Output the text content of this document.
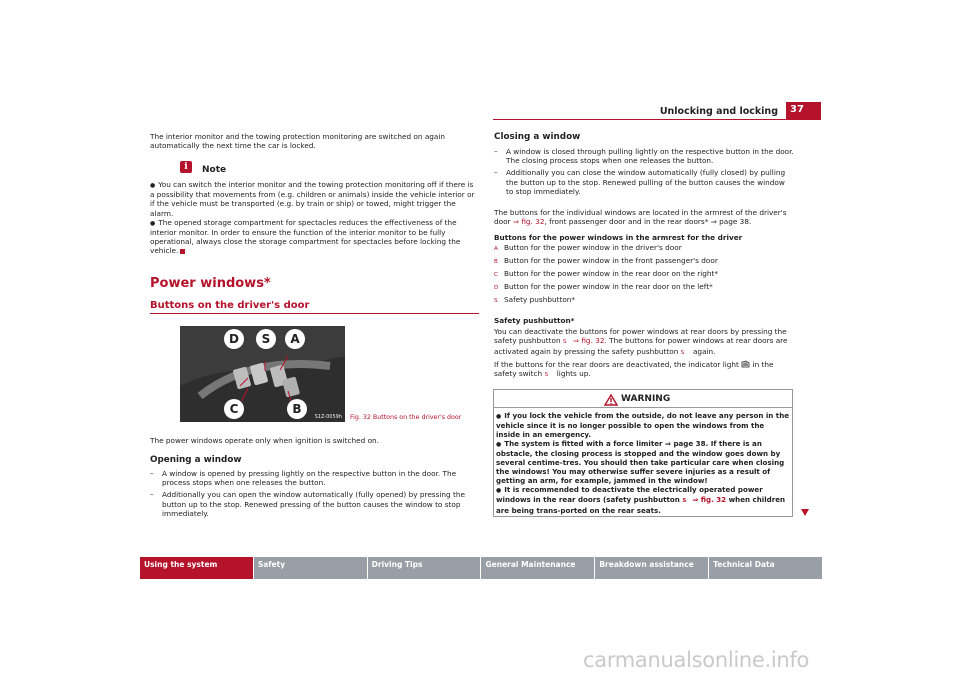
Unlocking and locking	37
The interior monitor and the towing protection monitoring are switched on again automatically the next time the car is locked.
i	Note
● You can switch the interior monitor and the towing protection monitoring off if there is a possibility that movements from (e.g. children or animals) inside the vehicle interior or if the vehicle must be transported (e.g. by train or ship) or towed, might trigger the alarm.
● The opened storage compartment for spectacles reduces the effectiveness of the interior monitor. In order to ensure the function of the interior monitor to be fully operational, always close the storage compartment for spectacles before locking the vehicle.
Power windows*
Buttons on the driver's door
D	S	A
C	B
S1Z-0059h Fig. 32 Buttons on the driver's door
The power windows operate only when ignition is switched on.
Opening a window
– A window is opened by pressing lightly on the respective button in the door. The process stops when one releases the button.
– Additionally you can open the window automatically (fully opened) by pressing the button up to the stop. Renewed pressing of the button causes the window to stop immediately.
Closing a window
– A window is closed through pulling lightly on the respective button in the door. The closing process stops when one releases the button.
– Additionally you can close the window automatically (fully closed) by pulling the button up to the stop. Renewed pulling of the button causes the window to stop immediately.
The buttons for the individual windows are located in the armrest of the driver's door ⇒ fig. 32, front passenger door and in the rear doors* ⇒ page 38.
Buttons for the power windows in the armrest for the driver
A Button for the power window in the driver's door
B Button for the power window in the front passenger's door
C Button for the power window in the rear door on the right*
D Button for the power window in the rear door on the left*
S Safety pushbutton*
Safety pushbutton*
You can deactivate the buttons for power windows at rear doors by pressing the safety pushbutton S ⇒ fig. 32. The buttons for power windows at rear doors are activated again by pressing the safety pushbutton S again.
If the buttons for the rear doors are deactivated, the indicator light  in the safety switch S lights up.
WARNING
● If you lock the vehicle from the outside, do not leave any person in the vehicle since it is no longer possible to open the windows from the inside in an emergency.
● The system is fitted with a force limiter ⇒ page 38. If there is an obstacle, the closing process is stopped and the window goes down by several centime-tres. You should then take particular care when closing the windows! You may otherwise suffer severe injuries as a result of getting an arm, for example, jammed in the window!
● It is recommended to deactivate the electrically operated power windows in the rear doors (safety pushbutton S ⇒ fig. 32 when children are being trans-ported on the rear seats.
Using the system	Safety	Driving Tips	General Maintenance	Breakdown assistance	Technical Data
carmanualsonline.info
